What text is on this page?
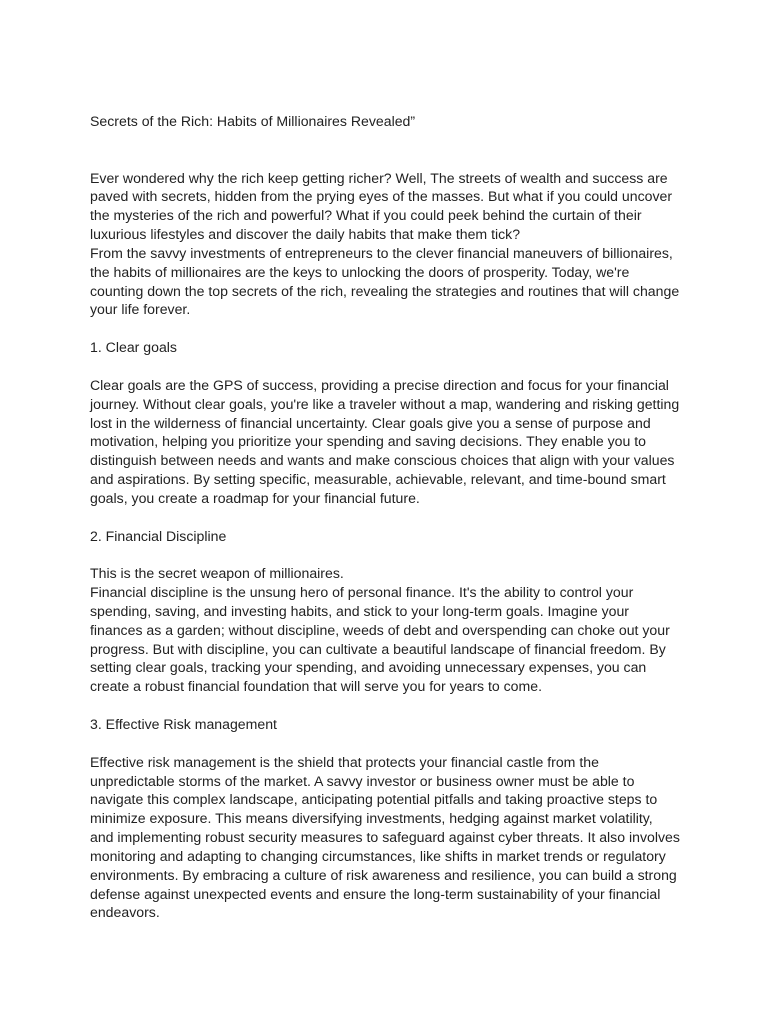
Secrets of the Rich: Habits of Millionaires Revealed”

Ever wondered why the rich keep getting richer? Well, The streets of wealth and success are paved with secrets, hidden from the prying eyes of the masses. But what if you could uncover the mysteries of the rich and powerful? What if you could peek behind the curtain of their luxurious lifestyles and discover the daily habits that make them tick?

From the savvy investments of entrepreneurs to the clever financial maneuvers of billionaires, the habits of millionaires are the keys to unlocking the doors of prosperity. Today, we're counting down the top secrets of the rich, revealing the strategies and routines that will change your life forever.

1. Clear goals

Clear goals are the GPS of success, providing a precise direction and focus for your financial journey. Without clear goals, you're like a traveler without a map, wandering and risking getting lost in the wilderness of financial uncertainty. Clear goals give you a sense of purpose and motivation, helping you prioritize your spending and saving decisions. They enable you to distinguish between needs and wants and make conscious choices that align with your values and aspirations. By setting specific, measurable, achievable, relevant, and time-bound smart goals, you create a roadmap for your financial future.

2. Financial Discipline

This is the secret weapon of millionaires.

Financial discipline is the unsung hero of personal finance. It's the ability to control your spending, saving, and investing habits, and stick to your long-term goals. Imagine your finances as a garden; without discipline, weeds of debt and overspending can choke out your progress. But with discipline, you can cultivate a beautiful landscape of financial freedom. By setting clear goals, tracking your spending, and avoiding unnecessary expenses, you can create a robust financial foundation that will serve you for years to come.

3. Effective Risk management

Effective risk management is the shield that protects your financial castle from the unpredictable storms of the market. A savvy investor or business owner must be able to navigate this complex landscape, anticipating potential pitfalls and taking proactive steps to minimize exposure. This means diversifying investments, hedging against market volatility, and implementing robust security measures to safeguard against cyber threats. It also involves monitoring and adapting to changing circumstances, like shifts in market trends or regulatory environments. By embracing a culture of risk awareness and resilience, you can build a strong defense against unexpected events and ensure the long-term sustainability of your financial endeavors.
